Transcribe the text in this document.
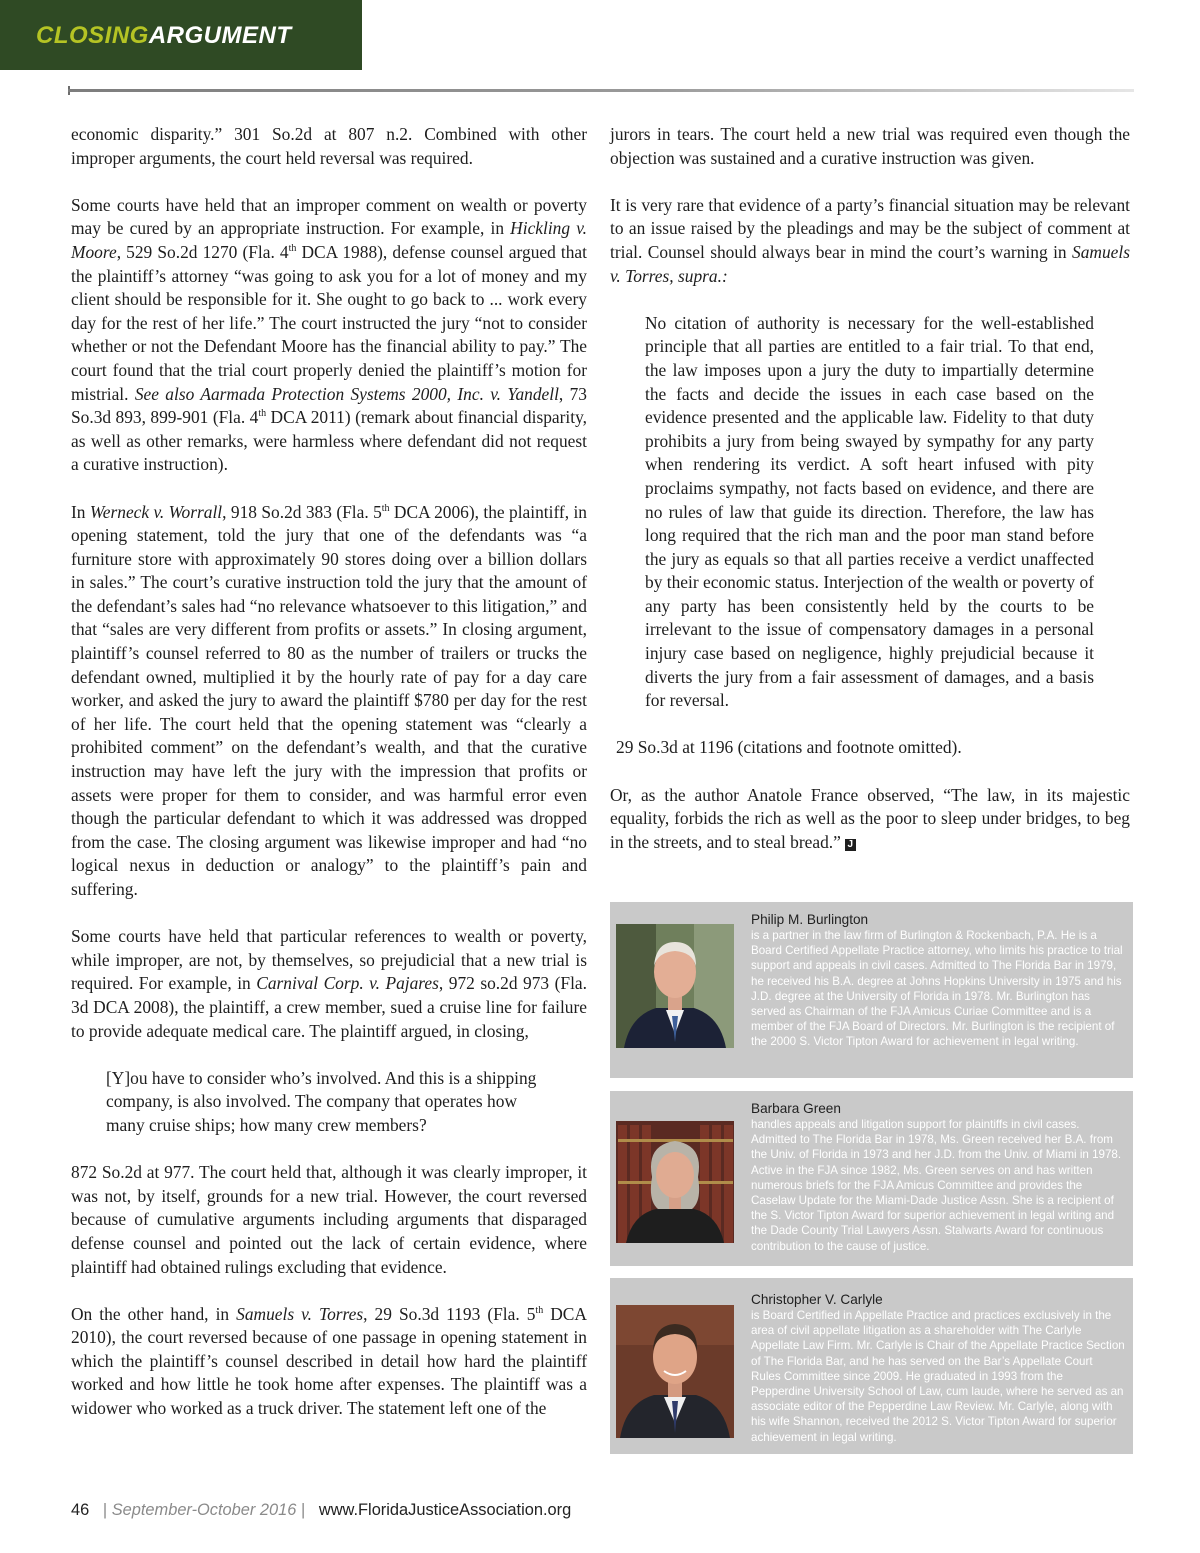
CLOSINGARGUMENT

economic disparity.” 301 So.2d at 807 n.2. Combined with other improper arguments, the court held reversal was required.

Some courts have held that an improper comment on wealth or poverty may be cured by an appropriate instruction. For example, in Hickling v. Moore, 529 So.2d 1270 (Fla. 4th DCA 1988), defense counsel argued that the plaintiff’s attorney “was going to ask you for a lot of money and my client should be responsible for it. She ought to go back to ... work every day for the rest of her life.” The court instructed the jury “not to consider whether or not the Defendant Moore has the financial ability to pay.” The court found that the trial court properly denied the plaintiff’s motion for mistrial. See also Aarmada Protection Systems 2000, Inc. v. Yandell, 73 So.3d 893, 899-901 (Fla. 4th DCA 2011) (remark about financial disparity, as well as other remarks, were harmless where defendant did not request a curative instruction).

In Werneck v. Worrall, 918 So.2d 383 (Fla. 5th DCA 2006), the plaintiff, in opening statement, told the jury that one of the defendants was “a furniture store with approximately 90 stores doing over a billion dollars in sales.” The court’s curative instruction told the jury that the amount of the defendant’s sales had “no relevance whatsoever to this litigation,” and that “sales are very different from profits or assets.” In closing argument, plaintiff’s counsel referred to 80 as the number of trailers or trucks the defendant owned, multiplied it by the hourly rate of pay for a day care worker, and asked the jury to award the plaintiff $780 per day for the rest of her life. The court held that the opening statement was “clearly a prohibited comment” on the defendant’s wealth, and that the curative instruction may have left the jury with the impression that profits or assets were proper for them to consider, and was harmful error even though the particular defendant to which it was addressed was dropped from the case. The closing argument was likewise improper and had “no logical nexus in deduction or analogy” to the plaintiff’s pain and suffering.

Some courts have held that particular references to wealth or poverty, while improper, are not, by themselves, so prejudicial that a new trial is required. For example, in Carnival Corp. v. Pajares, 972 so.2d 973 (Fla. 3d DCA 2008), the plaintiff, a crew member, sued a cruise line for failure to provide adequate medical care. The plaintiff argued, in closing,

[Y]ou have to consider who’s involved. And this is a shipping company, is also involved. The company that operates how many cruise ships; how many crew members?

872 So.2d at 977. The court held that, although it was clearly improper, it was not, by itself, grounds for a new trial. However, the court reversed because of cumulative arguments including arguments that disparaged defense counsel and pointed out the lack of certain evidence, where plaintiff had obtained rulings excluding that evidence.

On the other hand, in Samuels v. Torres, 29 So.3d 1193 (Fla. 5th DCA 2010), the court reversed because of one passage in opening statement in which the plaintiff’s counsel described in detail how hard the plaintiff worked and how little he took home after expenses. The plaintiff was a widower who worked as a truck driver. The statement left one of the

jurors in tears. The court held a new trial was required even though the objection was sustained and a curative instruction was given.

It is very rare that evidence of a party’s financial situation may be relevant to an issue raised by the pleadings and may be the subject of comment at trial. Counsel should always bear in mind the court’s warning in Samuels v. Torres, supra.:

No citation of authority is necessary for the well-established principle that all parties are entitled to a fair trial. To that end, the law imposes upon a jury the duty to impartially determine the facts and decide the issues in each case based on the evidence presented and the applicable law. Fidelity to that duty prohibits a jury from being swayed by sympathy for any party when rendering its verdict. A soft heart infused with pity proclaims sympathy, not facts based on evidence, and there are no rules of law that guide its direction. Therefore, the law has long required that the rich man and the poor man stand before the jury as equals so that all parties receive a verdict unaffected by their economic status. Interjection of the wealth or poverty of any party has been consistently held by the courts to be irrelevant to the issue of compensatory damages in a personal injury case based on negligence, highly prejudicial because it diverts the jury from a fair assessment of damages, and a basis for reversal.

29 So.3d at 1196 (citations and footnote omitted).

Or, as the author Anatole France observed, “The law, in its majestic equality, forbids the rich as well as the poor to sleep under bridges, to beg in the streets, and to steal bread.” J

Philip M. Burlington
is a partner in the law firm of Burlington & Rockenbach, P.A. He is a Board Certified Appellate Practice attorney, who limits his practice to trial support and appeals in civil cases. Admitted to The Florida Bar in 1979, he received his B.A. degree at Johns Hopkins University in 1975 and his J.D. degree at the University of Florida in 1978. Mr. Burlington has served as Chairman of the FJA Amicus Curiae Committee and is a member of the FJA Board of Directors. Mr. Burlington is the recipient of the 2000 S. Victor Tipton Award for achievement in legal writing.
Barbara Green
handles appeals and litigation support for plaintiffs in civil cases. Admitted to The Florida Bar in 1978, Ms. Green received her B.A. from the Univ. of Florida in 1973 and her J.D. from the Univ. of Miami in 1978. Active in the FJA since 1982, Ms. Green serves on and has written numerous briefs for the FJA Amicus Committee and provides the Caselaw Update for the Miami-Dade Justice Assn. She is a recipient of the S. Victor Tipton Award for superior achievement in legal writing and the Dade County Trial Lawyers Assn. Stalwarts Award for continuous contribution to the cause of justice.
Christopher V. Carlyle
is Board Certified in Appellate Practice and practices exclusively in the area of civil appellate litigation as a shareholder with The Carlyle Appellate Law Firm. Mr. Carlyle is Chair of the Appellate Practice Section of The Florida Bar, and he has served on the Bar’s Appellate Court Rules Committee since 2009. He graduated in 1993 from the Pepperdine University School of Law, cum laude, where he served as an associate editor of the Pepperdine Law Review. Mr. Carlyle, along with his wife Shannon, received the 2012 S. Victor Tipton Award for superior achievement in legal writing.
46   | September-October 2016 |   www.FloridaJusticeAssociation.org
